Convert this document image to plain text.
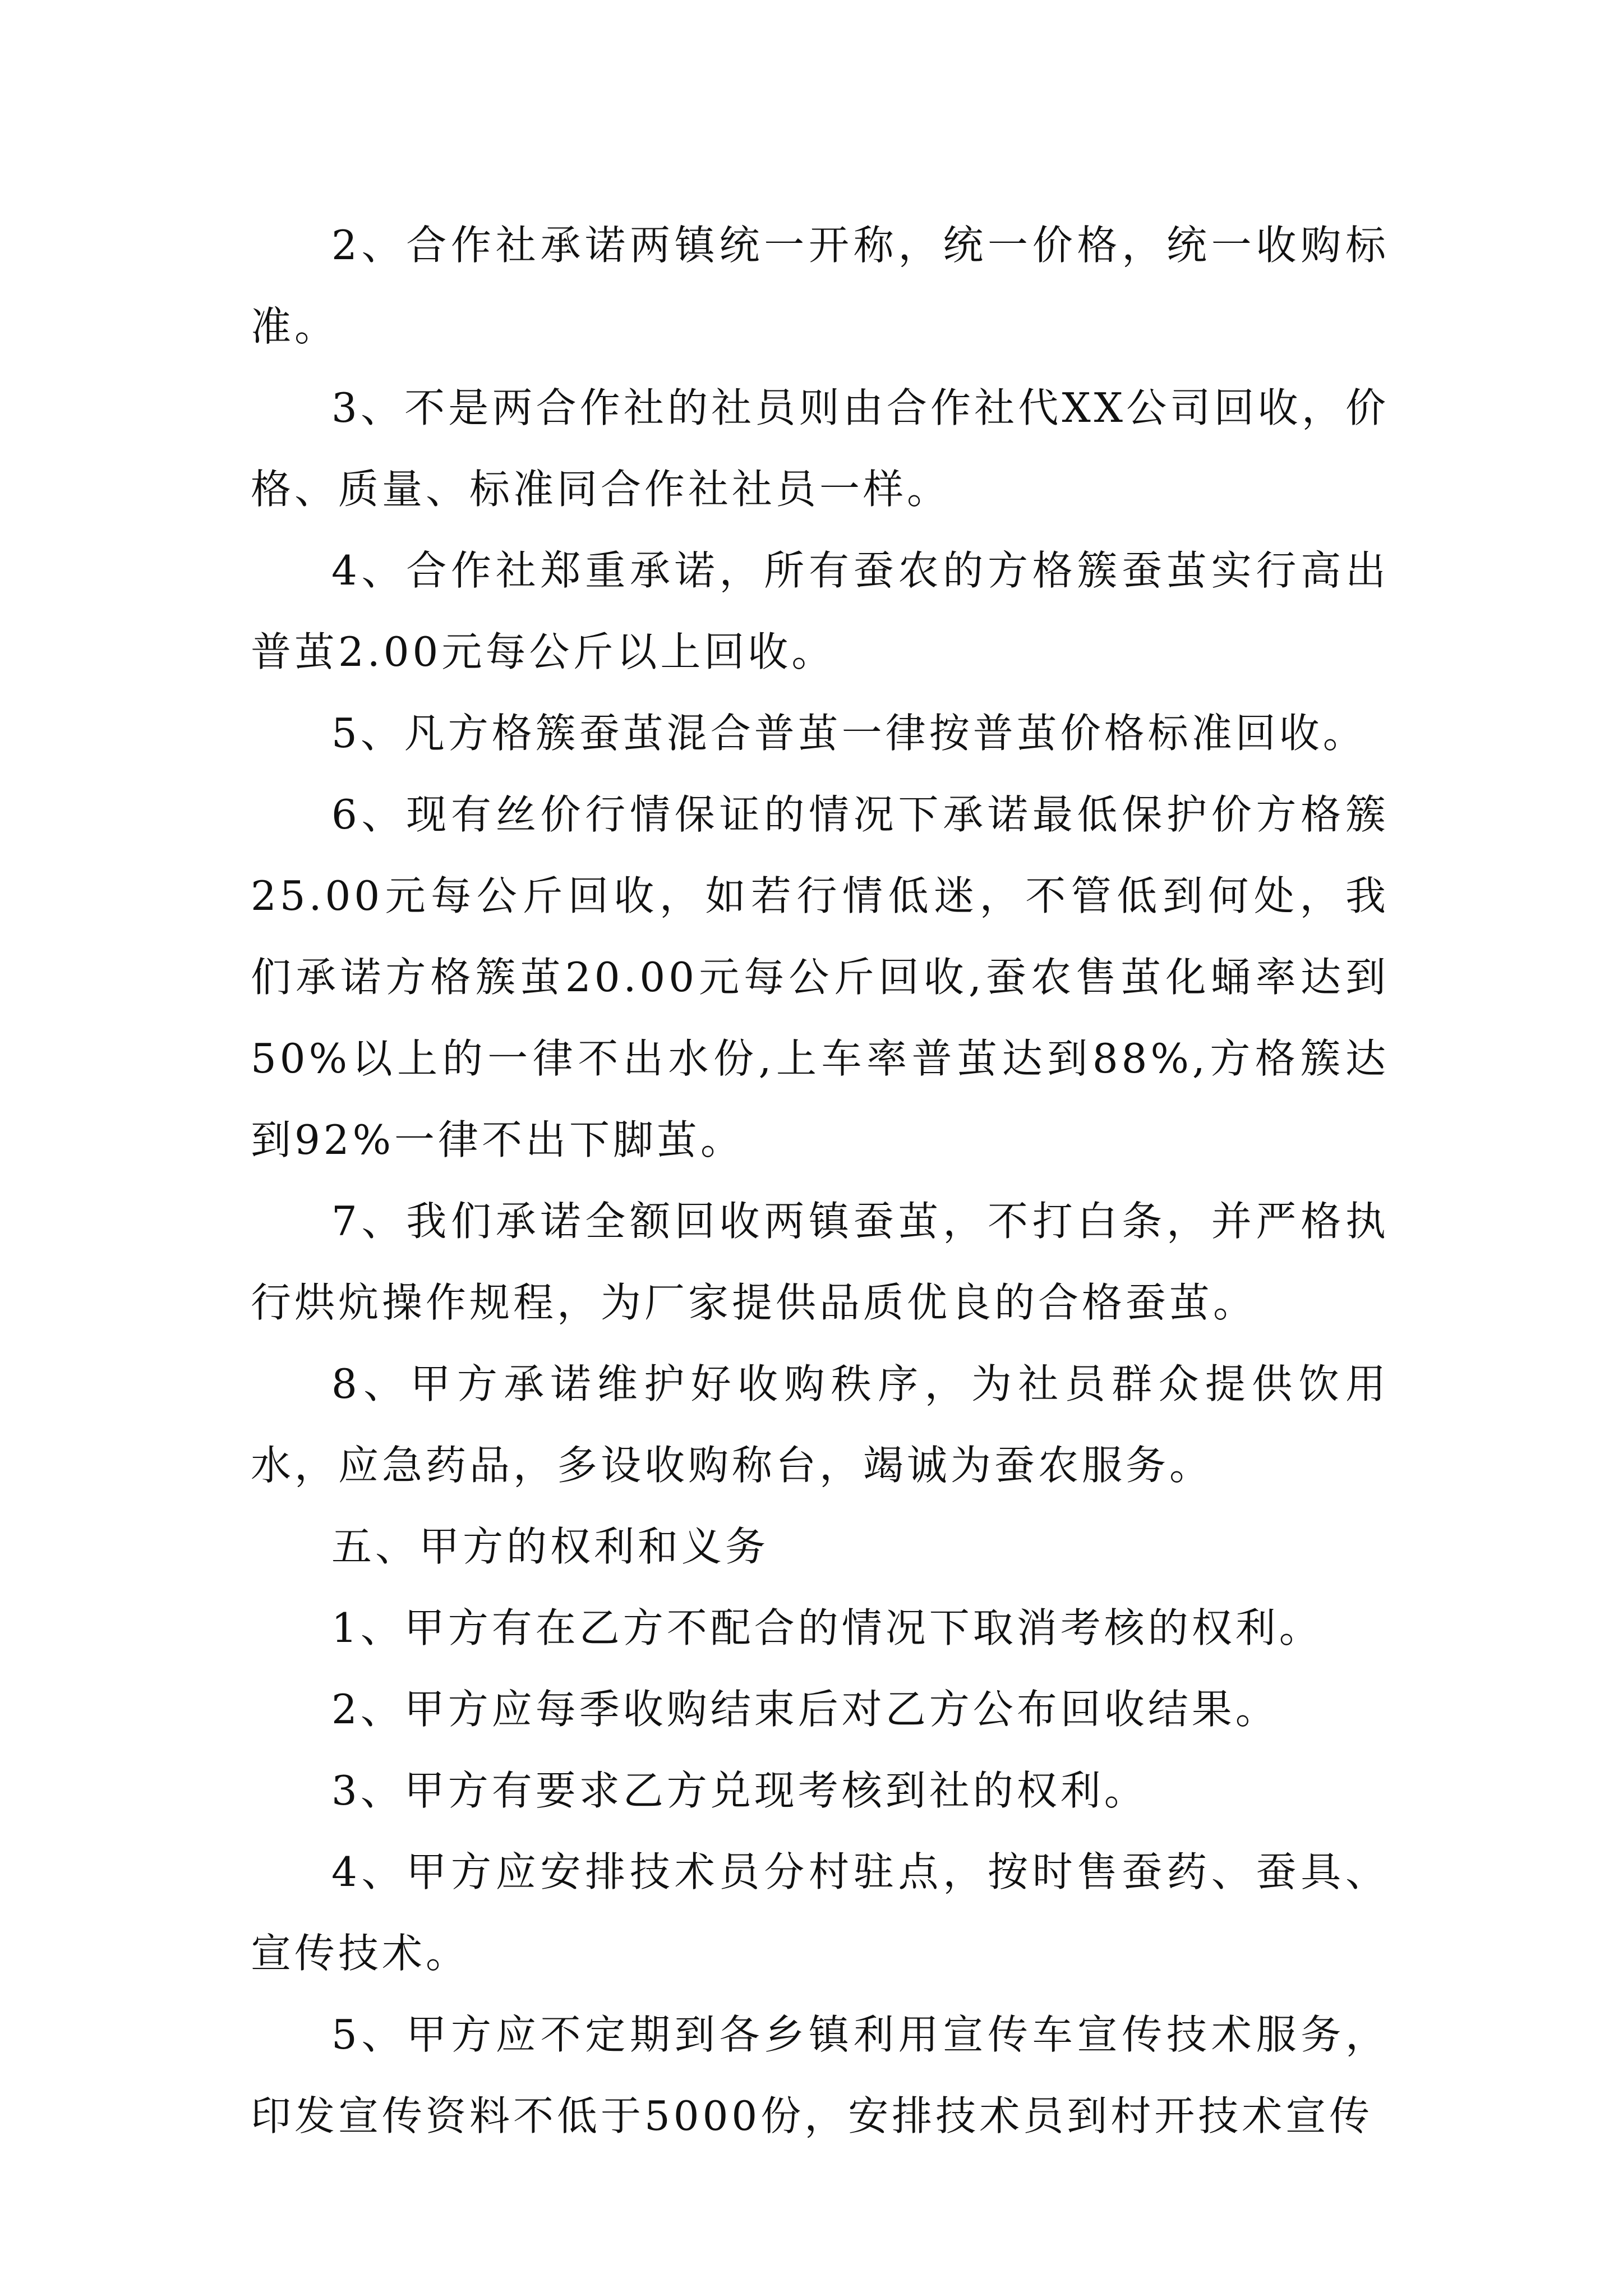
2、合作社承诺两镇统一开称，统一价格，统一收购标准。

3、不是两合作社的社员则由合作社代XX公司回收，价格、质量、标准同合作社社员一样。

4、合作社郑重承诺，所有蚕农的方格簇蚕茧实行高出普茧2.00元每公斤以上回收。

5、凡方格簇蚕茧混合普茧一律按普茧价格标准回收。

6、现有丝价行情保证的情况下承诺最低保护价方格簇25.00元每公斤回收，如若行情低迷，不管低到何处，我们承诺方格簇茧20.00元每公斤回收,蚕农售茧化蛹率达到50%以上的一律不出水份,上车率普茧达到88%,方格簇达到92%一律不出下脚茧。

7、我们承诺全额回收两镇蚕茧，不打白条，并严格执行烘炕操作规程，为厂家提供品质优良的合格蚕茧。

8、甲方承诺维护好收购秩序，为社员群众提供饮用水，应急药品，多设收购称台，竭诚为蚕农服务。

五、甲方的权利和义务

1、甲方有在乙方不配合的情况下取消考核的权利。

2、甲方应每季收购结束后对乙方公布回收结果。

3、甲方有要求乙方兑现考核到社的权利。

4、甲方应安排技术员分村驻点，按时售蚕药、蚕具、宣传技术。

5、甲方应不定期到各乡镇利用宣传车宣传技术服务，印发宣传资料不低于5000份，安排技术员到村开技术宣传
